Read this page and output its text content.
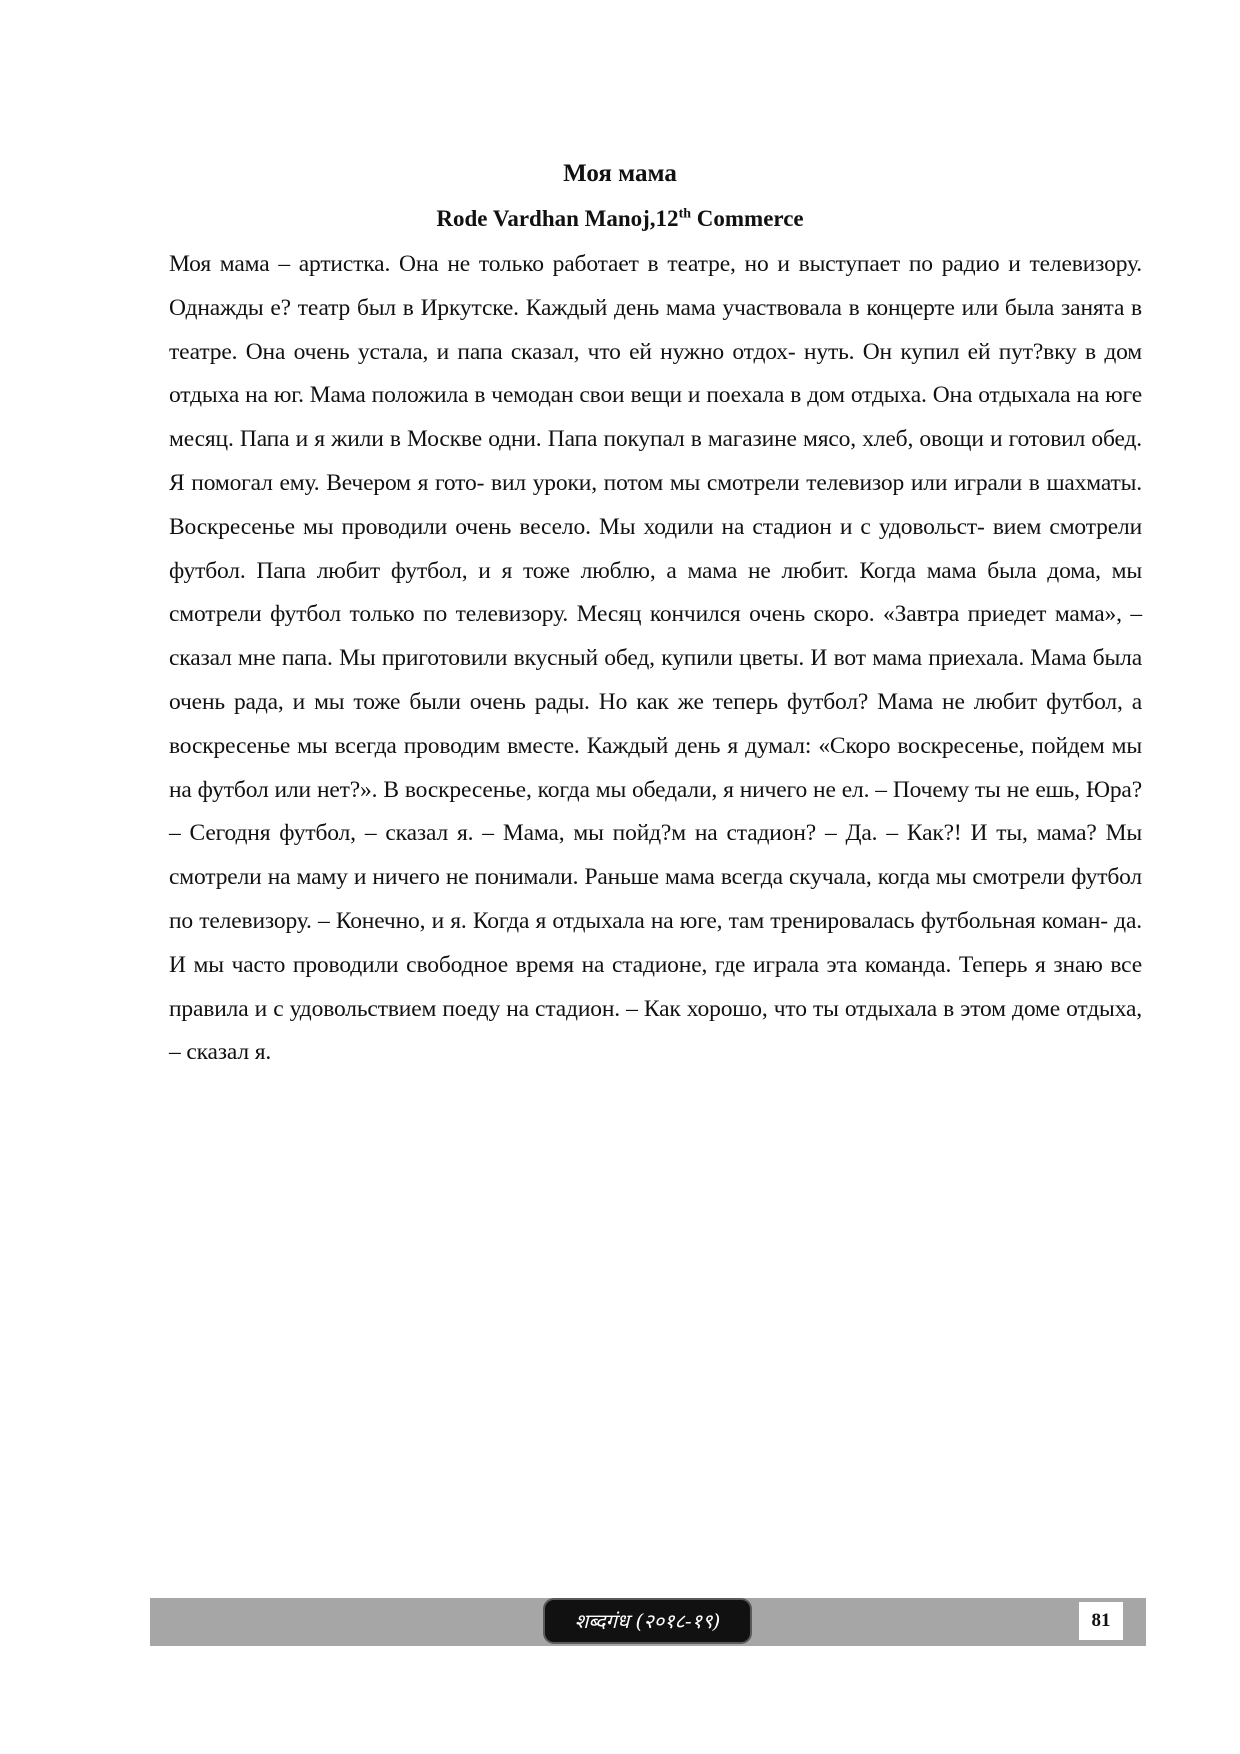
Моя мама
Rode Vardhan Manoj,12th Commerce

Моя мама – артистка. Она не только работает в театре, но и выступает по радио и телевизору. Однажды е? театр был в Иркутске. Каждый день мама участвовала в концерте или была занята в театре. Она очень устала, и папа сказал, что ей нужно отдох- нуть. Он купил ей пут?вку в дом отдыха на юг. Мама положила в чемодан свои вещи и поехала в дом отдыха. Она отдыхала на юге месяц. Папа и я жили в Москве одни. Папа покупал в магазине мясо, хлеб, овощи и готовил обед. Я помогал ему. Вечером я гото- вил уроки, потом мы смотрели телевизор или играли в шахматы. Воскресенье мы проводили очень весело. Мы ходили на стадион и с удовольст- вием смотрели футбол. Папа любит футбол, и я тоже люблю, а мама не любит. Когда мама была дома, мы смотрели футбол только по телевизору. Месяц кончился очень скоро. «Завтра приедет мама», – сказал мне папа. Мы приготовили вкусный обед, купили цветы. И вот мама приехала. Мама была очень рада, и мы тоже были очень рады. Но как же теперь футбол? Мама не любит футбол, а воскресенье мы всегда проводим вместе. Каждый день я думал: «Скоро воскресенье, пойдем мы на футбол или нет?». В воскресенье, когда мы обедали, я ничего не ел. – Почему ты не ешь, Юра? – Сегодня футбол, – сказал я. – Мама, мы пойд?м на стадион? – Да. – Как?! И ты, мама? Мы смотрели на маму и ничего не понимали. Раньше мама всегда скучала, когда мы смотрели футбол по телевизору. – Конечно, и я. Когда я отдыхала на юге, там тренировалась футбольная коман- да. И мы часто проводили свободное время на стадионе, где играла эта команда. Теперь я знаю все правила и с удовольствием поеду на стадион. – Как хорошо, что ты отдыхала в этом доме отдыха, – сказал я.

शब्दगंध (२०१८-१९)	81
